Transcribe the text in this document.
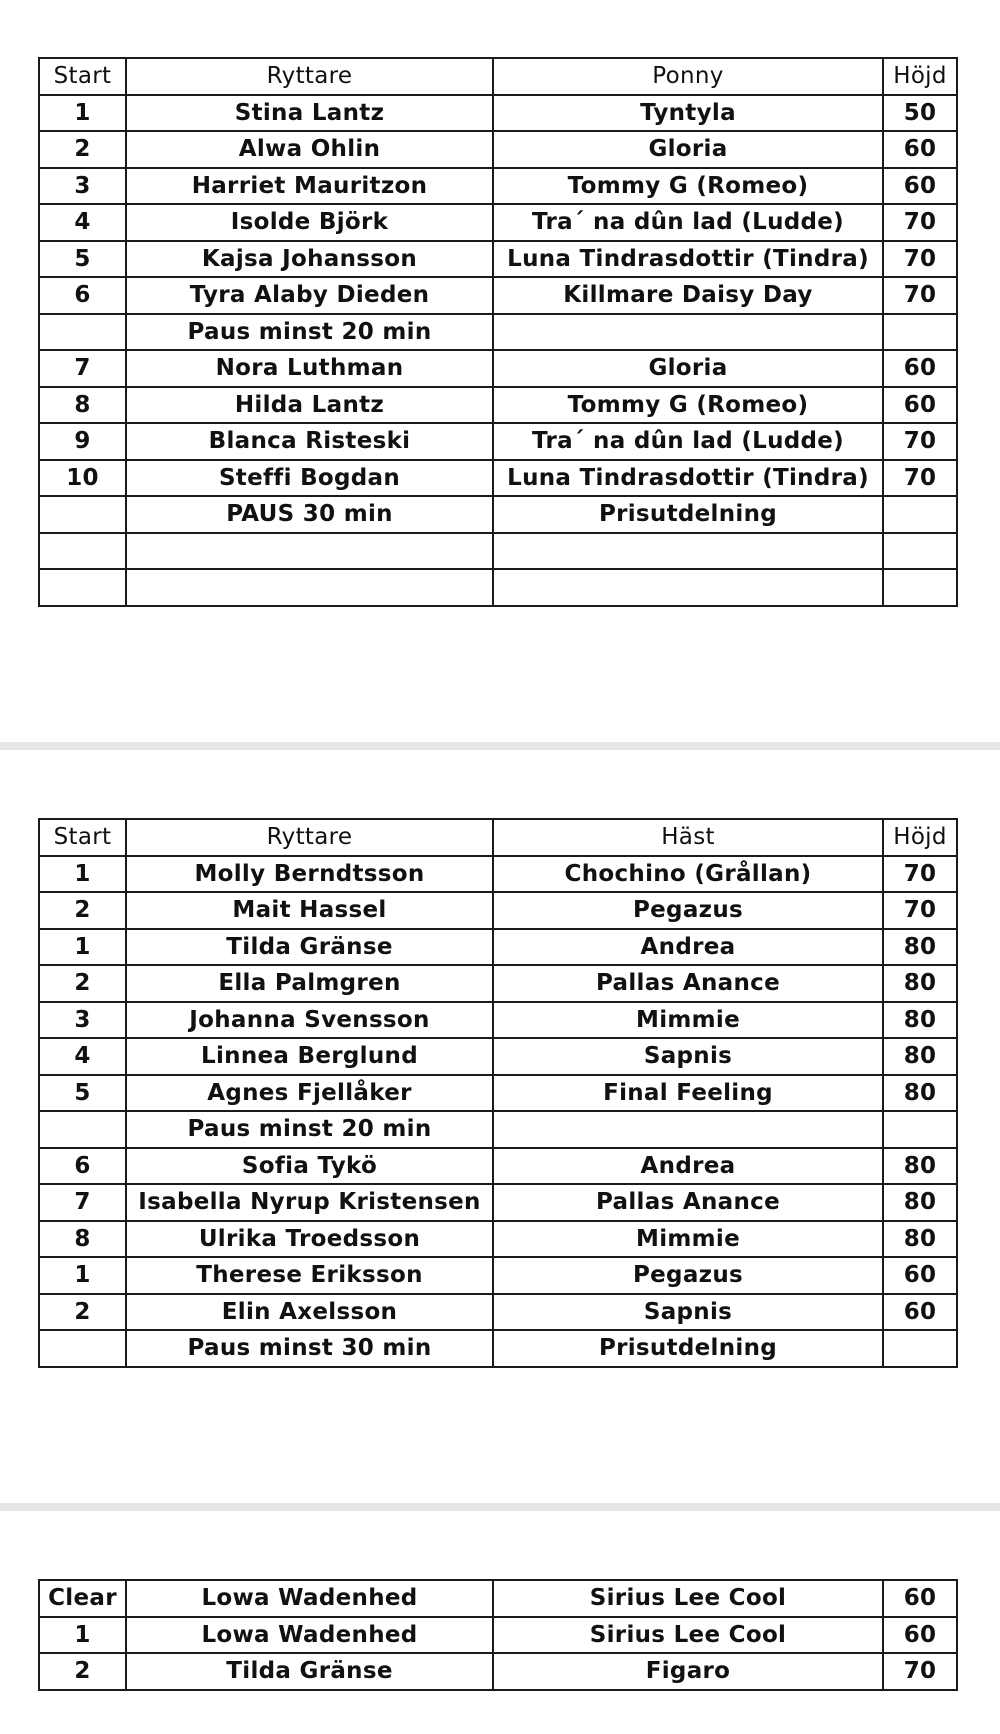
Start	Ryttare	Ponny	Höjd
1	Stina Lantz	Tyntyla	50
2	Alwa Ohlin	Gloria	60
3	Harriet Mauritzon	Tommy G (Romeo)	60
4	Isolde Björk	Tra´ na dûn lad (Ludde)	70
5	Kajsa Johansson	Luna Tindrasdottir (Tindra)	70
6	Tyra Alaby Dieden	Killmare Daisy Day	70
	Paus minst 20 min		
7	Nora Luthman	Gloria	60
8	Hilda Lantz	Tommy G (Romeo)	60
9	Blanca Risteski	Tra´ na dûn lad (Ludde)	70
10	Steffi Bogdan	Luna Tindrasdottir (Tindra)	70
	PAUS 30 min	Prisutdelning	

Start	Ryttare	Häst	Höjd
1	Molly Berndtsson	Chochino (Grållan)	70
2	Mait Hassel	Pegazus	70
1	Tilda Gränse	Andrea	80
2	Ella Palmgren	Pallas Anance	80
3	Johanna Svensson	Mimmie	80
4	Linnea Berglund	Sapnis	80
5	Agnes Fjellåker	Final Feeling	80
	Paus minst 20 min		
6	Sofia Tykö	Andrea	80
7	Isabella Nyrup Kristensen	Pallas Anance	80
8	Ulrika Troedsson	Mimmie	80
1	Therese Eriksson	Pegazus	60
2	Elin Axelsson	Sapnis	60
	Paus minst 30 min	Prisutdelning	
Clear	Lowa Wadenhed	Sirius Lee Cool	60
1	Lowa Wadenhed	Sirius Lee Cool	60
2	Tilda Gränse	Figaro	70
